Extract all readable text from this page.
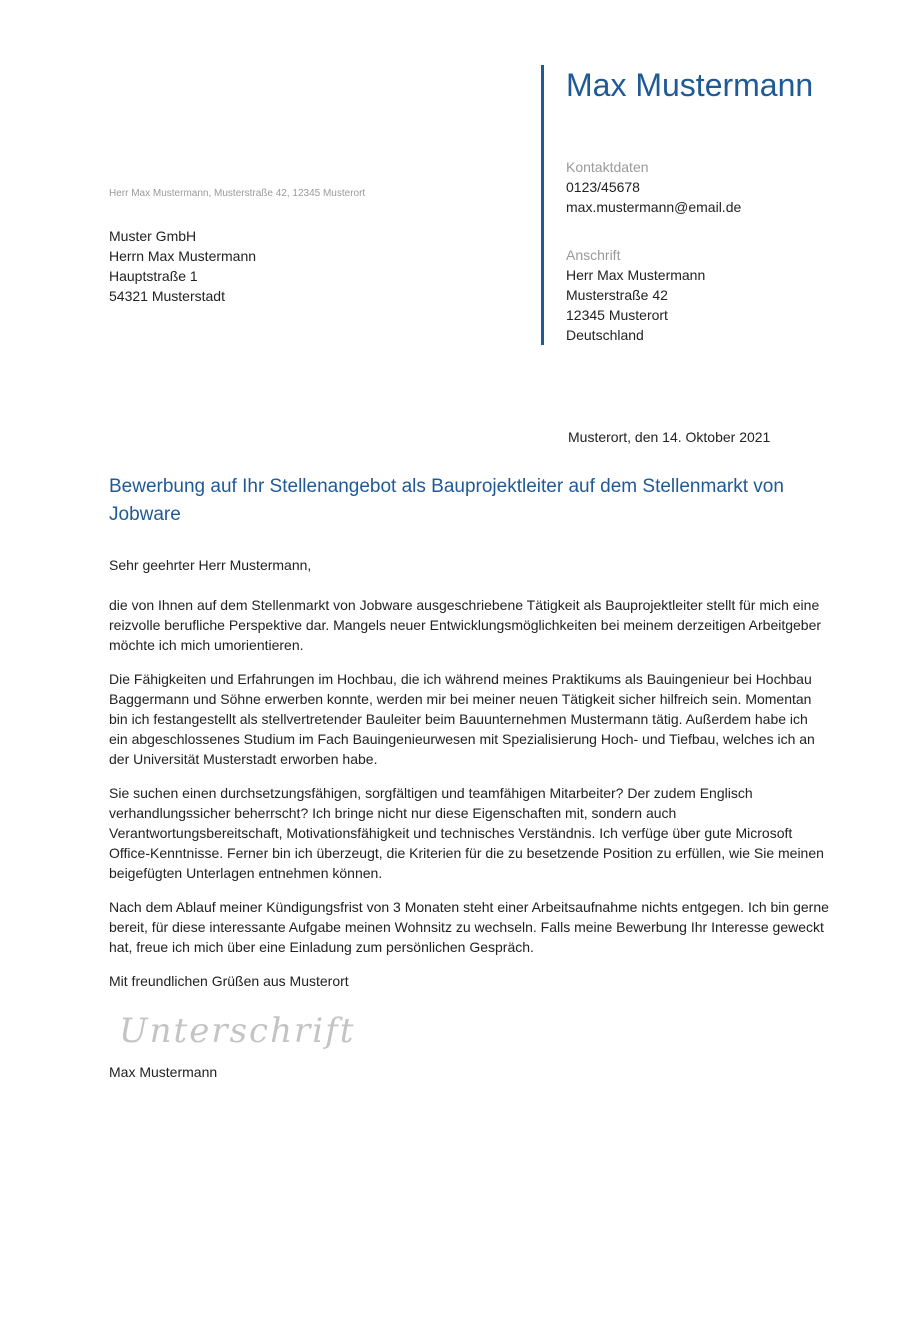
Max Mustermann
Kontaktdaten
0123/45678
max.mustermann@email.de
Anschrift
Herr Max Mustermann
Musterstraße 42
12345 Musterort
Deutschland
Herr Max Mustermann, Musterstraße 42, 12345 Musterort
Muster GmbH
Herrn Max Mustermann
Hauptstraße 1
54321 Musterstadt
Musterort, den 14. Oktober 2021
Bewerbung auf Ihr Stellenangebot als Bauprojektleiter auf dem Stellenmarkt von Jobware

Sehr geehrter Herr Mustermann,

die von Ihnen auf dem Stellenmarkt von Jobware ausgeschriebene Tätigkeit als Bauprojektleiter stellt für mich eine reizvolle berufliche Perspektive dar. Mangels neuer Entwicklungsmöglichkeiten bei meinem derzeitigen Arbeitgeber möchte ich mich umorientieren.

Die Fähigkeiten und Erfahrungen im Hochbau, die ich während meines Praktikums als Bauingenieur bei Hochbau Baggermann und Söhne erwerben konnte, werden mir bei meiner neuen Tätigkeit sicher hilfreich sein. Momentan bin ich festangestellt als stellvertretender Bauleiter beim Bauunternehmen Mustermann tätig. Außerdem habe ich ein abgeschlossenes Studium im Fach Bauingenieurwesen mit Spezialisierung Hoch- und Tiefbau, welches ich an der Universität Musterstadt erworben habe.

Sie suchen einen durchsetzungsfähigen, sorgfältigen und teamfähigen Mitarbeiter? Der zudem Englisch verhandlungssicher beherrscht? Ich bringe nicht nur diese Eigenschaften mit, sondern auch Verantwortungsbereitschaft, Motivationsfähigkeit und technisches Verständnis. Ich verfüge über gute Microsoft Office-Kenntnisse. Ferner bin ich überzeugt, die Kriterien für die zu besetzende Position zu erfüllen, wie Sie meinen beigefügten Unterlagen entnehmen können.

Nach dem Ablauf meiner Kündigungsfrist von 3 Monaten steht einer Arbeitsaufnahme nichts entgegen. Ich bin gerne bereit, für diese interessante Aufgabe meinen Wohnsitz zu wechseln. Falls meine Bewerbung Ihr Interesse geweckt hat, freue ich mich über eine Einladung zum persönlichen Gespräch.

Mit freundlichen Grüßen aus Musterort

Unterschrift
Max Mustermann
